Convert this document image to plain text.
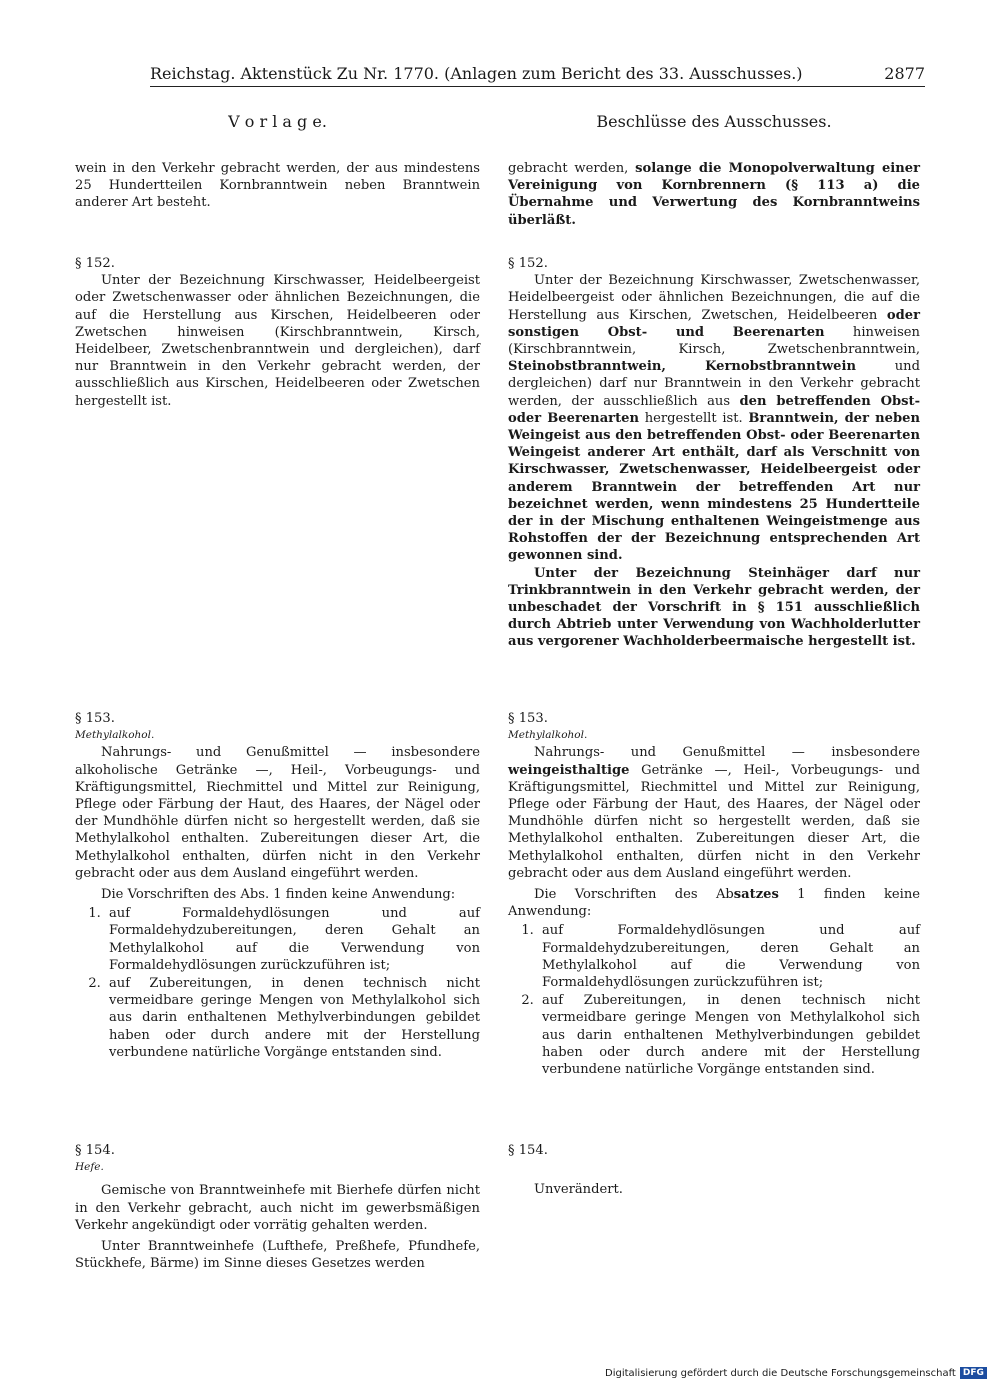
Reichstag. Aktenstück Zu Nr. 1770. (Anlagen zum Bericht des 33. Ausschusses.)	2877
V o r l a g e.	Beschlüsse des Ausschusses.

wein in den Verkehr gebracht werden, der aus mindestens 25 Hundertteilen Kornbranntwein neben Branntwein anderer Art besteht.

§ 152.

Unter der Bezeichnung Kirschwasser, Heidelbeergeist oder Zwetschenwasser oder ähnlichen Bezeichnungen, die auf die Herstellung aus Kirschen, Heidelbeeren oder Zwetschen hinweisen (Kirschbranntwein, Kirsch, Heidelbeer, Zwetschenbranntwein und dergleichen), darf nur Branntwein in den Verkehr gebracht werden, der ausschließlich aus Kirschen, Heidelbeeren oder Zwetschen hergestellt ist.

§ 153.

Methylalkohol.

Nahrungs- und Genußmittel — insbesondere alkoholische Getränke —, Heil-, Vorbeugungs- und Kräftigungsmittel, Riechmittel und Mittel zur Reinigung, Pflege oder Färbung der Haut, des Haares, der Nägel oder der Mundhöhle dürfen nicht so hergestellt werden, daß sie Methylalkohol enthalten. Zubereitungen dieser Art, die Methylalkohol enthalten, dürfen nicht in den Verkehr gebracht oder aus dem Ausland eingeführt werden.

Die Vorschriften des Abs. 1 finden keine Anwendung:

1. auf Formaldehydlösungen und auf Formaldehydzubereitungen, deren Gehalt an Methylalkohol auf die Verwendung von Formaldehydlösungen zurückzuführen ist;
2. auf Zubereitungen, in denen technisch nicht vermeidbare geringe Mengen von Methylalkohol sich aus darin enthaltenen Methylverbindungen gebildet haben oder durch andere mit der Herstellung verbundene natürliche Vorgänge entstanden sind.

§ 154.

Hefe.

Gemische von Branntweinhefe mit Bierhefe dürfen nicht in den Verkehr gebracht, auch nicht im gewerbsmäßigen Verkehr angekündigt oder vorrätig gehalten werden.

Unter Branntweinhefe (Lufthefe, Preßhefe, Pfundhefe, Stückhefe, Bärme) im Sinne dieses Gesetzes werden

gebracht werden, solange die Monopolverwaltung einer Vereinigung von Kornbrennern (§ 113 a) die Übernahme und Verwertung des Kornbranntweins überläßt.

§ 152.

Unter der Bezeichnung Kirschwasser, Zwetschenwasser, Heidelbeergeist oder ähnlichen Bezeichnungen, die auf die Herstellung aus Kirschen, Zwetschen, Heidelbeeren oder sonstigen Obst- und Beerenarten hinweisen (Kirschbranntwein, Kirsch, Zwetschenbranntwein, Steinobstbranntwein, Kernobstbranntwein	und dergleichen) darf nur Branntwein in den Verkehr gebracht werden, der ausschließlich aus den betreffenden Obst- oder Beerenarten hergestellt ist. Branntwein, der neben Weingeist aus den betreffenden Obst- oder Beerenarten Weingeist anderer Art enthält, darf als Verschnitt von Kirschwasser, Zwetschenwasser, Heidelbeergeist oder anderem Branntwein der betreffenden Art nur bezeichnet werden, wenn mindestens 25 Hundertteile der in der Mischung enthaltenen Weingeistmenge aus Rohstoffen der der Bezeichnung entsprechenden Art gewonnen sind.

Unter der Bezeichnung Steinhäger darf nur Trinkbranntwein in den Verkehr gebracht werden, der unbeschadet der Vorschrift in § 151 ausschließlich durch Abtrieb unter Verwendung von Wachholderlutter aus vergorener Wachholderbeermaische hergestellt ist.

§ 153.

Methylalkohol.

Nahrungs- und Genußmittel — insbesondere weingeisthaltige Getränke —, Heil-, Vorbeugungs- und Kräftigungsmittel, Riechmittel und Mittel zur Reinigung, Pflege oder Färbung der Haut, des Haares, der Nägel oder Mundhöhle dürfen nicht so hergestellt werden, daß sie Methylalkohol enthalten. Zubereitungen dieser Art, die Methylalkohol enthalten, dürfen nicht in den Verkehr gebracht oder aus dem Ausland eingeführt werden.

Die Vorschriften des Absatzes 1 finden keine Anwendung:

1. auf Formaldehydlösungen und auf Formaldehydzubereitungen, deren Gehalt an Methylalkohol auf die Verwendung von Formaldehydlösungen zurückzuführen ist;
2. auf Zubereitungen, in denen technisch nicht vermeidbare geringe Mengen von Methylalkohol sich aus darin enthaltenen Methylverbindungen gebildet haben oder durch andere mit der Herstellung verbundene natürliche Vorgänge entstanden sind.

§ 154.

Unverändert.

Digitalisierung gefördert durch die Deutsche Forschungsgemeinschaft DFG
